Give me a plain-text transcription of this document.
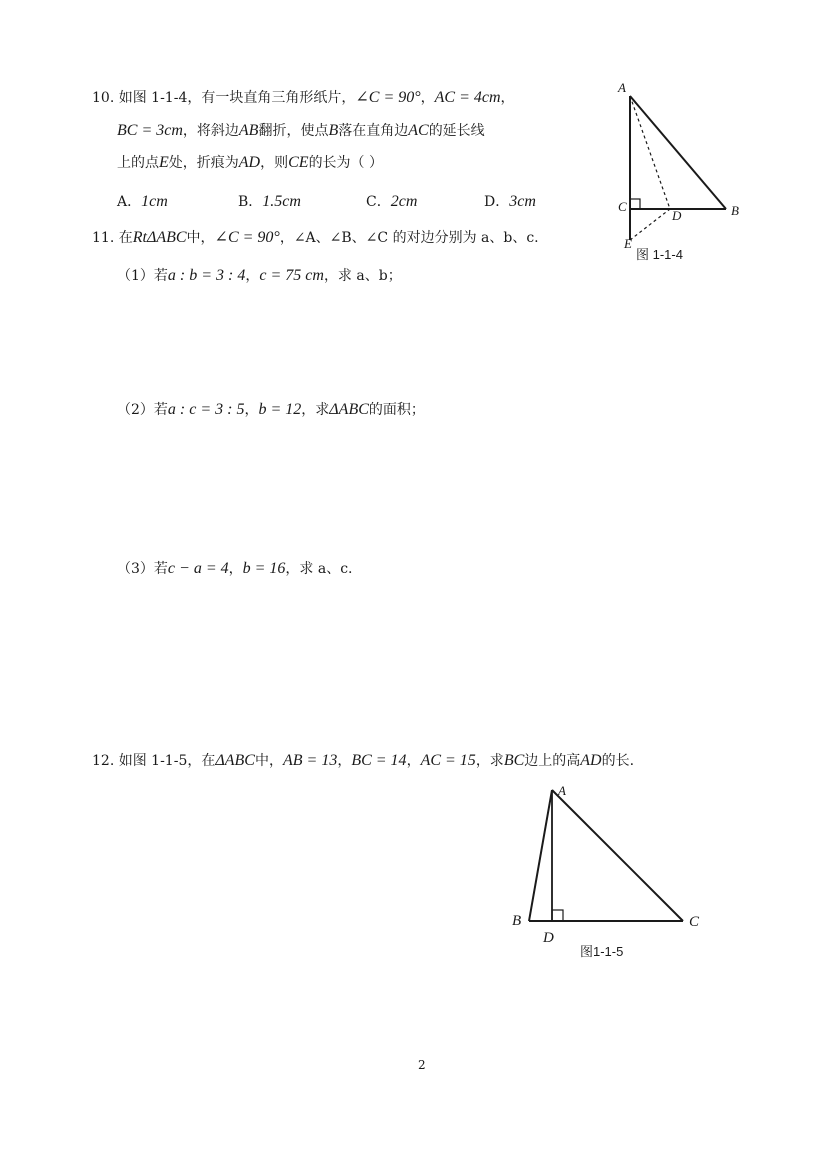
10. 如图 1-1-4，有一块直角三角形纸片，∠C = 90°，AC = 4cm，
BC = 3cm，将斜边AB翻折，使点B落在直角边AC的延长线
上的点E处，折痕为AD，则CE的长为（ ）
A．1cm	B．1.5cm	C．2cm	D．3cm
A
B
C
D
E
图 1-1-4
11. 在RtΔABC中，∠C = 90°，∠A、∠B、∠C 的对边分别为 a、b、c.
（1）若a : b = 3 : 4，c = 75 cm，求 a、b；
（2）若a : c = 3 : 5，b = 12，求ΔABC的面积；
（3）若c − a = 4，b = 16，求 a、c.
12. 如图 1-1-5，在ΔABC中，AB = 13，BC = 14，AC = 15，求BC边上的高AD的长.
A
B	C
D
图1-1-5
2
